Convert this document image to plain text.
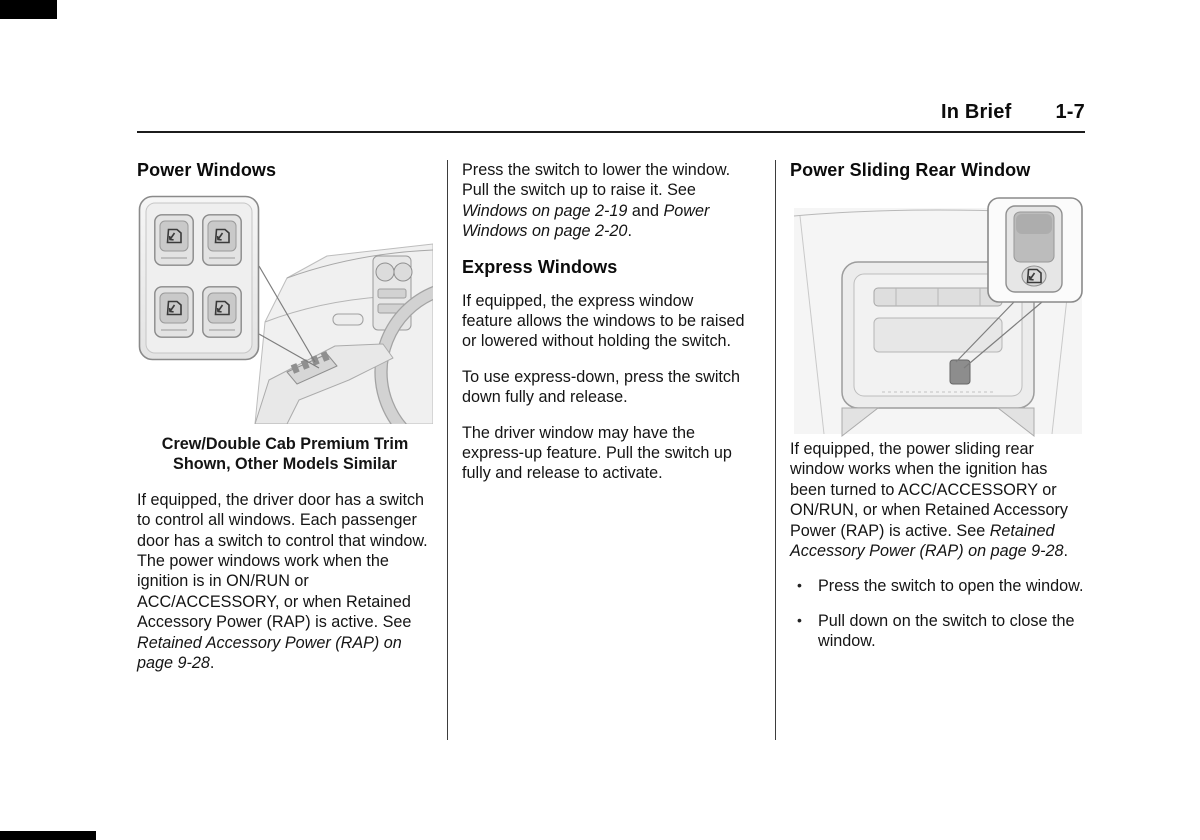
In Brief 1-7
Power Windows

Crew/Double Cab Premium Trim
Shown, Other Models Similar

If equipped, the driver door has a switch to control all windows. Each passenger door has a switch to control that window. The power windows work when the ignition is in ON/RUN or ACC/ACCESSORY, or when Retained Accessory Power (RAP) is active. See Retained Accessory Power (RAP) on page 9-28.

Press the switch to lower the window. Pull the switch up to raise it. See Windows on page 2-19 and Power Windows on page 2-20.

Express Windows

If equipped, the express window feature allows the windows to be raised or lowered without holding the switch.

To use express-down, press the switch down fully and release.

The driver window may have the express-up feature. Pull the switch up fully and release to activate.

Power Sliding Rear Window

If equipped, the power sliding rear window works when the ignition has been turned to ACC/ACCESSORY or ON/RUN, or when Retained Accessory Power (RAP) is active. See Retained Accessory Power (RAP) on page 9-28.

• Press the switch to open the window.
• Pull down on the switch to close the window.
